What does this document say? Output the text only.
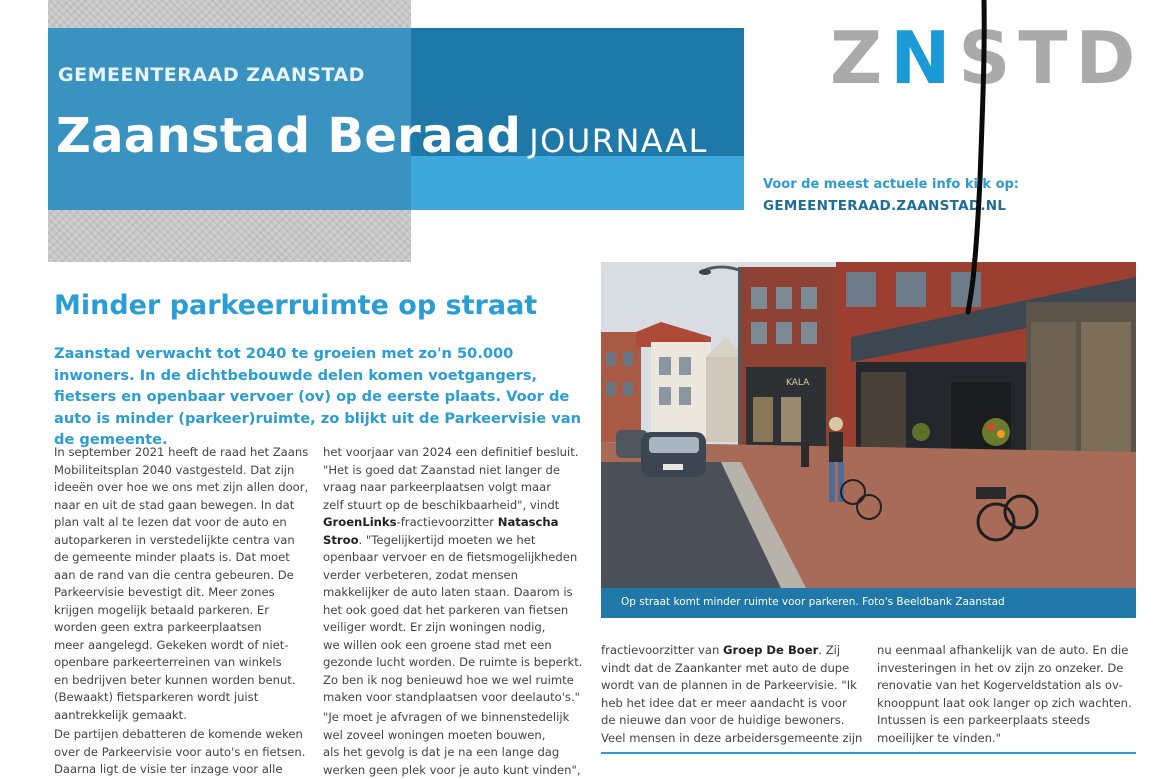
GEMEENTERAAD ZAANSTAD
Zaanstad Beraad JOURNAAL
ZNSTD
Voor de meest actuele info kijk op:
GEMEENTERAAD.ZAANSTAD.NL
Minder parkeerruimte op straat
Zaanstad verwacht tot 2040 te groeien met zo'n 50.000 inwoners. In de dichtbebouwde delen komen voetgangers, fietsers en openbaar vervoer (ov) op de eerste plaats. Voor de auto is minder (parkeer)ruimte, zo blijkt uit de Parkeervisie van de gemeente.

In september 2021 heeft de raad het Zaans

Mobiliteitsplan 2040 vastgesteld. Dat zijn

ideeën over hoe we ons met zijn allen door,

naar en uit de stad gaan bewegen. In dat

plan valt al te lezen dat voor de auto en

autoparkeren in verstedelijkte centra van

de gemeente minder plaats is. Dat moet

aan de rand van die centra gebeuren. De

Parkeervisie bevestigt dit. Meer zones

krijgen mogelijk betaald parkeren. Er

worden geen extra parkeerplaatsen

meer aangelegd. Gekeken wordt of niet-

openbare parkeerterreinen van winkels

en bedrijven beter kunnen worden benut.

(Bewaakt) fietsparkeren wordt juist

aantrekkelijk gemaakt.

De partijen debatteren de komende weken

over de Parkeervisie voor auto's en fietsen.

Daarna ligt de visie ter inzage voor alle

het voorjaar van 2024 een definitief besluit.

"Het is goed dat Zaanstad niet langer de

vraag naar parkeerplaatsen volgt maar

zelf stuurt op de beschikbaarheid", vindt

GroenLinks-fractievoorzitter Natascha

Stroo. "Tegelijkertijd moeten we het

openbaar vervoer en de fietsmogelijkheden

verder verbeteren, zodat mensen

makkelijker de auto laten staan. Daarom is

het ook goed dat het parkeren van fietsen

veiliger wordt. Er zijn woningen nodig,

we willen ook een groene stad met een

gezonde lucht worden. De ruimte is beperkt.

Zo ben ik nog benieuwd hoe we wel ruimte

maken voor standplaatsen voor deelauto's."

"Je moet je afvragen of we binnenstedelijk

wel zoveel woningen moeten bouwen,

als het gevolg is dat je na een lange dag

werken geen plek voor je auto kunt vinden",

KALA
Op straat komt minder ruimte voor parkeren. Foto's Beeldbank Zaanstad

fractievoorzitter van Groep De Boer. Zij

vindt dat de Zaankanter met auto de dupe

wordt van de plannen in de Parkeervisie. "Ik

heb het idee dat er meer aandacht is voor

de nieuwe dan voor de huidige bewoners.

Veel mensen in deze arbeidersgemeente zijn

nu eenmaal afhankelijk van de auto. En die

investeringen in het ov zijn zo onzeker. De

renovatie van het Kogerveldstation als ov-

knooppunt laat ook langer op zich wachten.

Intussen is een parkeerplaats steeds

moeilijker te vinden."
